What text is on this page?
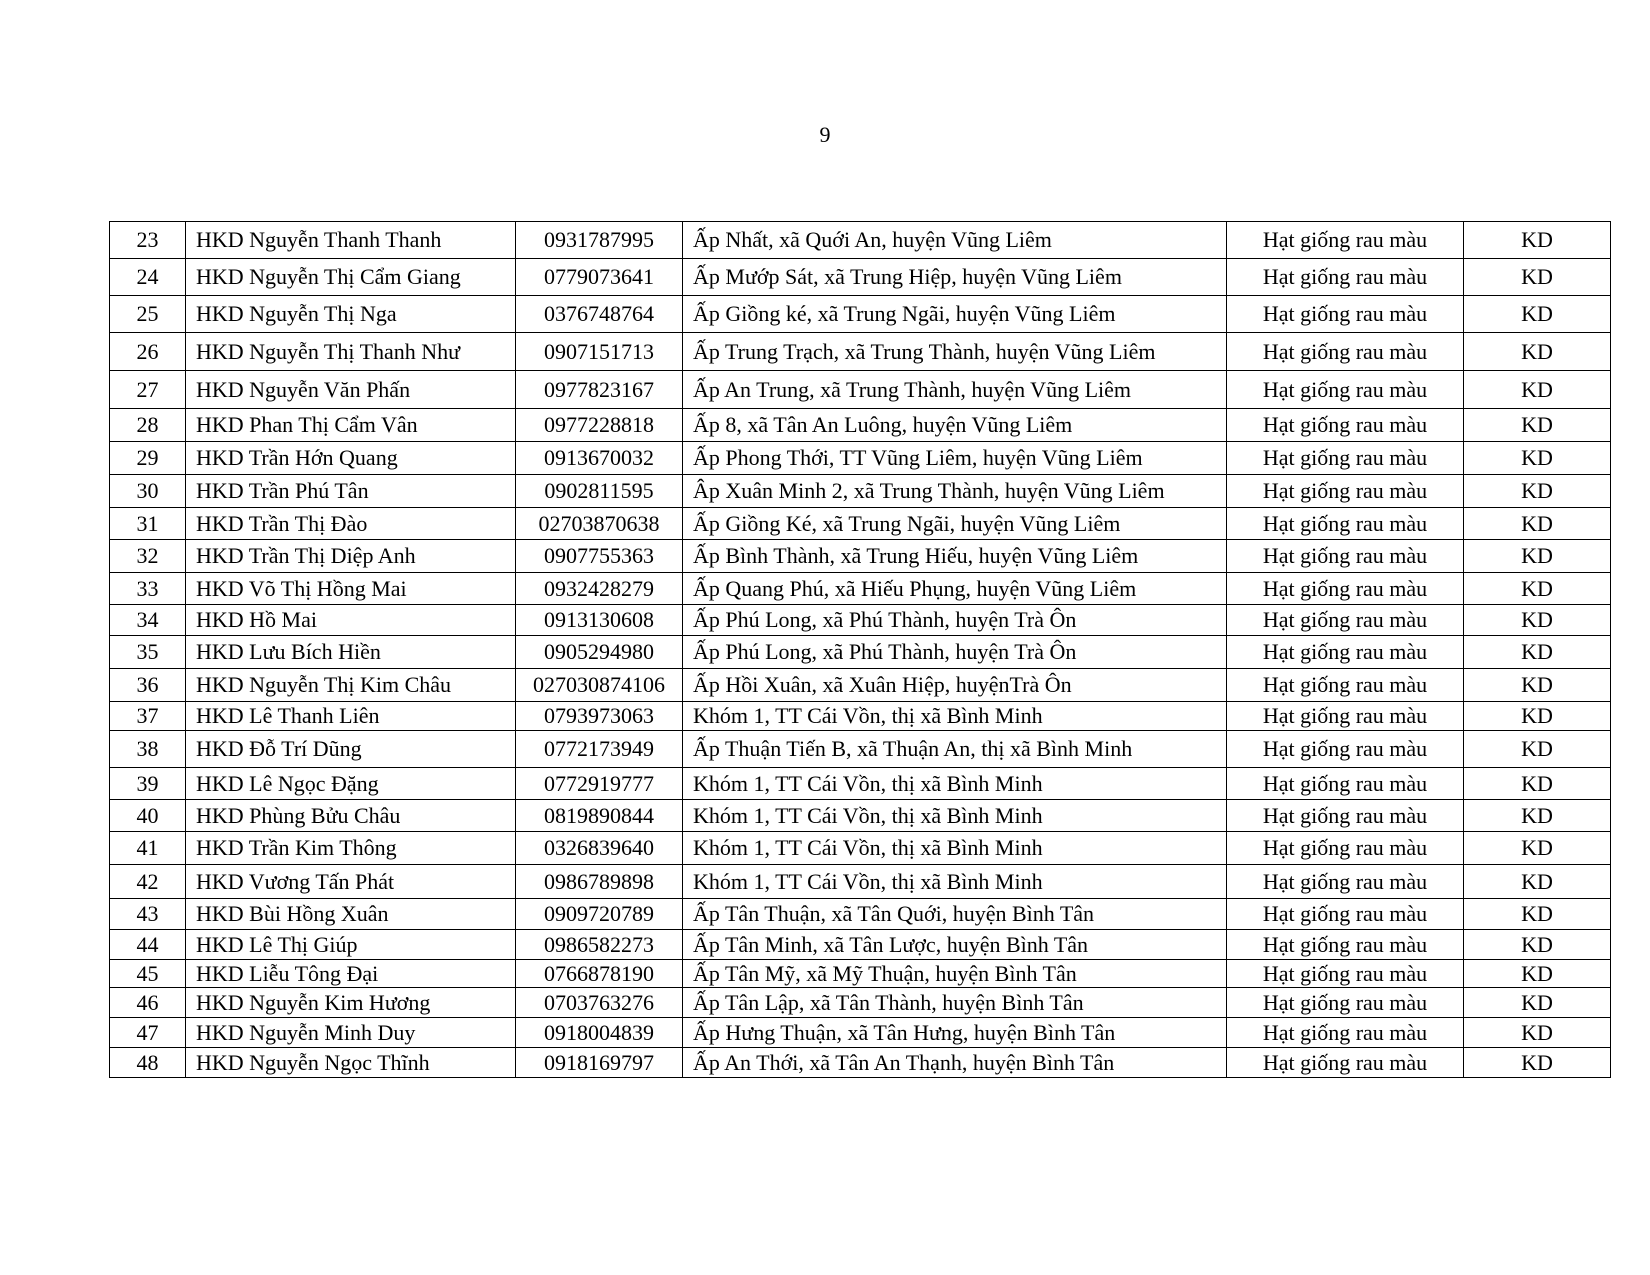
9
23	HKD Nguyễn Thanh Thanh	0931787995	Ấp Nhất, xã Quới An, huyện Vũng Liêm	Hạt giống rau màu	KD
24	HKD Nguyễn Thị Cẩm Giang	0779073641	Ấp Mướp Sát, xã Trung Hiệp, huyện Vũng Liêm	Hạt giống rau màu	KD
25	HKD Nguyễn Thị Nga	0376748764	Ấp Giồng ké, xã Trung Ngãi, huyện Vũng Liêm	Hạt giống rau màu	KD
26	HKD Nguyễn Thị Thanh Như	0907151713	Ấp Trung Trạch, xã Trung Thành, huyện Vũng Liêm	Hạt giống rau màu	KD
27	HKD Nguyễn Văn Phấn	0977823167	Ấp An Trung, xã Trung Thành, huyện Vũng Liêm	Hạt giống rau màu	KD
28	HKD Phan Thị Cẩm Vân	0977228818	Ấp 8, xã Tân An Luông, huyện Vũng Liêm	Hạt giống rau màu	KD
29	HKD Trần Hớn Quang	0913670032	Ấp Phong Thới, TT Vũng Liêm, huyện Vũng Liêm	Hạt giống rau màu	KD
30	HKD Trần Phú Tân	0902811595	Âp Xuân Minh 2, xã Trung Thành, huyện Vũng Liêm	Hạt giống rau màu	KD
31	HKD Trần Thị Đào	02703870638	Ấp Giồng Ké, xã Trung Ngãi, huyện Vũng Liêm	Hạt giống rau màu	KD
32	HKD Trần Thị Diệp Anh	0907755363	Ấp Bình Thành, xã Trung Hiếu, huyện Vũng Liêm	Hạt giống rau màu	KD
33	HKD Võ Thị Hồng Mai	0932428279	Ấp Quang Phú, xã Hiếu Phụng, huyện Vũng Liêm	Hạt giống rau màu	KD
34	HKD Hồ Mai	0913130608	Ấp Phú Long, xã Phú Thành, huyện Trà Ôn	Hạt giống rau màu	KD
35	HKD Lưu Bích Hiền	0905294980	Ấp Phú Long, xã Phú Thành, huyện Trà Ôn	Hạt giống rau màu	KD
36	HKD Nguyễn Thị Kim Châu	027030874106	Ấp Hồi Xuân, xã Xuân Hiệp, huyệnTrà Ôn	Hạt giống rau màu	KD
37	HKD Lê Thanh Liên	0793973063	Khóm 1, TT Cái Vồn, thị xã Bình Minh	Hạt giống rau màu	KD
38	HKD Đỗ Trí Dũng	0772173949	Ấp Thuận Tiến B, xã Thuận An, thị xã Bình Minh	Hạt giống rau màu	KD
39	HKD Lê Ngọc Đặng	0772919777	Khóm 1, TT Cái Vồn, thị xã Bình Minh	Hạt giống rau màu	KD
40	HKD Phùng Bửu Châu	0819890844	Khóm 1, TT Cái Vồn, thị xã Bình Minh	Hạt giống rau màu	KD
41	HKD Trần Kim Thông	0326839640	Khóm 1, TT Cái Vồn, thị xã Bình Minh	Hạt giống rau màu	KD
42	HKD Vương Tấn Phát	0986789898	Khóm 1, TT Cái Vồn, thị xã Bình Minh	Hạt giống rau màu	KD
43	HKD Bùi Hồng Xuân	0909720789	Ấp Tân Thuận, xã Tân Quới, huyện Bình Tân	Hạt giống rau màu	KD
44	HKD Lê Thị Giúp	0986582273	Ấp Tân Minh, xã Tân Lược, huyện Bình Tân	Hạt giống rau màu	KD
45	HKD Liễu Tông Đại	0766878190	Ấp Tân Mỹ, xã Mỹ Thuận, huyện Bình Tân	Hạt giống rau màu	KD
46	HKD Nguyễn Kim Hương	0703763276	Ấp Tân Lập, xã Tân Thành, huyện Bình Tân	Hạt giống rau màu	KD
47	HKD Nguyễn Minh Duy	0918004839	Ấp Hưng Thuận, xã Tân Hưng, huyện Bình Tân	Hạt giống rau màu	KD
48	HKD Nguyễn Ngọc Thĩnh	0918169797	Ấp An Thới, xã Tân An Thạnh, huyện Bình Tân	Hạt giống rau màu	KD
